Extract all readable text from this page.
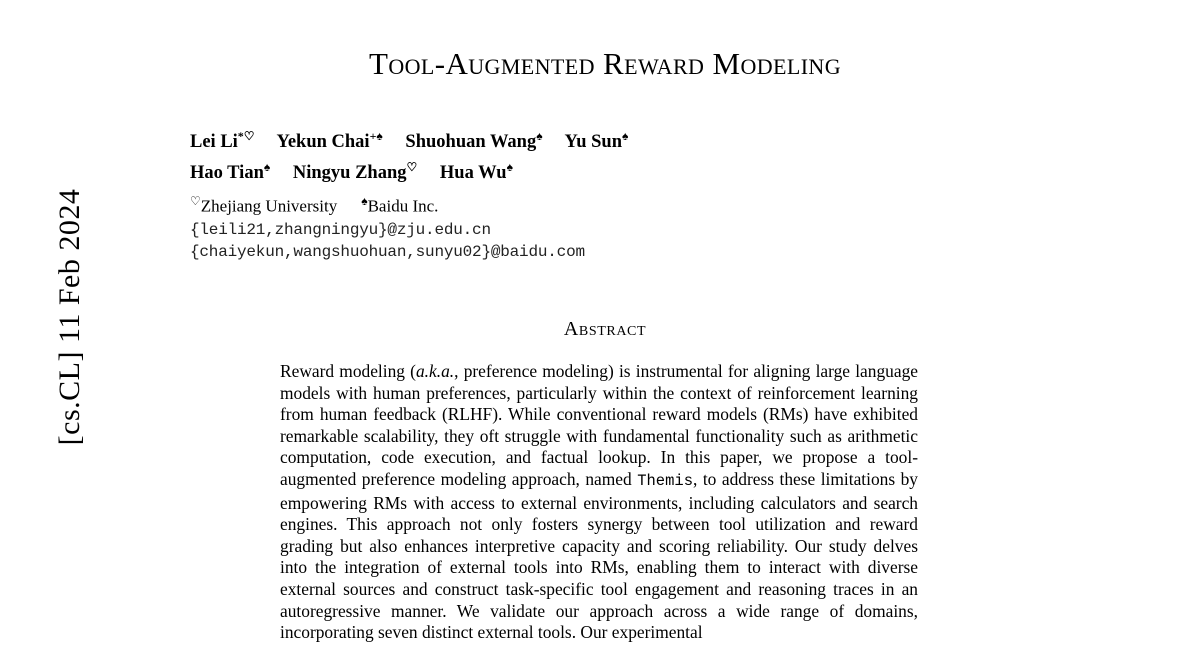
[cs.CL] 11 Feb 2024
Tool-Augmented Reward Modeling
Lei Li*♡ Yekun Chai+♠ Shuohuan Wang♠ Yu Sun♠
Hao Tian♠ Ningyu Zhang♡ Hua Wu♠
♡Zhejiang University ♠Baidu Inc.
{leili21,zhangningyu}@zju.edu.cn
{chaiyekun,wangshuohuan,sunyu02}@baidu.com
Abstract

Reward modeling (a.k.a., preference modeling) is instrumental for aligning large language models with human preferences, particularly within the context of reinforcement learning from human feedback (RLHF). While conventional reward models (RMs) have exhibited remarkable scalability, they oft struggle with fundamental functionality such as arithmetic computation, code execution, and factual lookup. In this paper, we propose a tool-augmented preference modeling approach, named Themis, to address these limitations by empowering RMs with access to external environments, including calculators and search engines. This approach not only fosters synergy between tool utilization and reward grading but also enhances interpretive capacity and scoring reliability. Our study delves into the integration of external tools into RMs, enabling them to interact with diverse external sources and construct task-specific tool engagement and reasoning traces in an autoregressive manner. We validate our approach across a wide range of domains, incorporating seven distinct external tools. Our experimental
